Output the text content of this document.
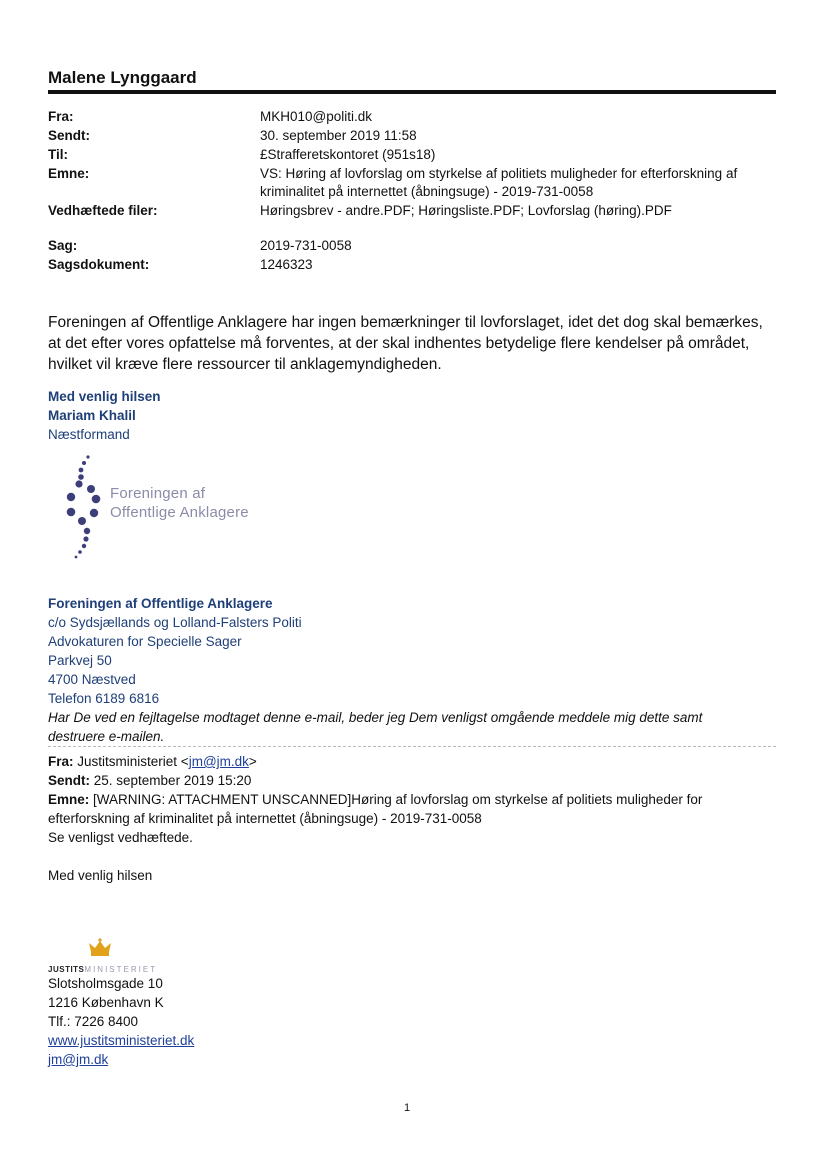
Malene Lynggaard
Fra:	MKH010@politi.dk
Sendt:	30. september 2019 11:58
Til:	£Strafferetskontoret (951s18)
Emne:	VS: Høring af lovforslag om styrkelse af politiets muligheder for efterforskning af kriminalitet på internettet (åbningsuge) - 2019-731-0058
Vedhæftede filer:	Høringsbrev - andre.PDF; Høringsliste.PDF; Lovforslag (høring).PDF
Sag:	2019-731-0058
Sagsdokument:	1246323
Foreningen af Offentlige Anklagere har ingen bemærkninger til lovforslaget, idet det dog skal bemærkes, at det efter vores opfattelse må forventes, at der skal indhentes betydelige flere kendelser på området, hvilket vil kræve flere ressourcer til anklagemyndigheden.
Med venlig hilsen
Mariam Khalil
Næstformand
Foreningen af
Offentlige Anklagere
Foreningen af Offentlige Anklagere
c/o Sydsjællands og Lolland-Falsters Politi
Advokaturen for Specielle Sager
Parkvej 50
4700 Næstved
Telefon 6189 6816
Har De ved en fejltagelse modtaget denne e-mail, beder jeg Dem venligst omgående meddele mig dette samt destruere e-mailen.
Fra: Justitsministeriet <jm@jm.dk>
Sendt: 25. september 2019 15:20
Emne: [WARNING: ATTACHMENT UNSCANNED]Høring af lovforslag om styrkelse af politiets muligheder for efterforskning af kriminalitet på internettet (åbningsuge) - 2019-731-0058
Se venligst vedhæftede.
Med venlig hilsen
JUSTITSMINISTERIET
Slotsholmsgade 10
1216 København K
Tlf.: 7226 8400
www.justitsministeriet.dk
jm@jm.dk
1
